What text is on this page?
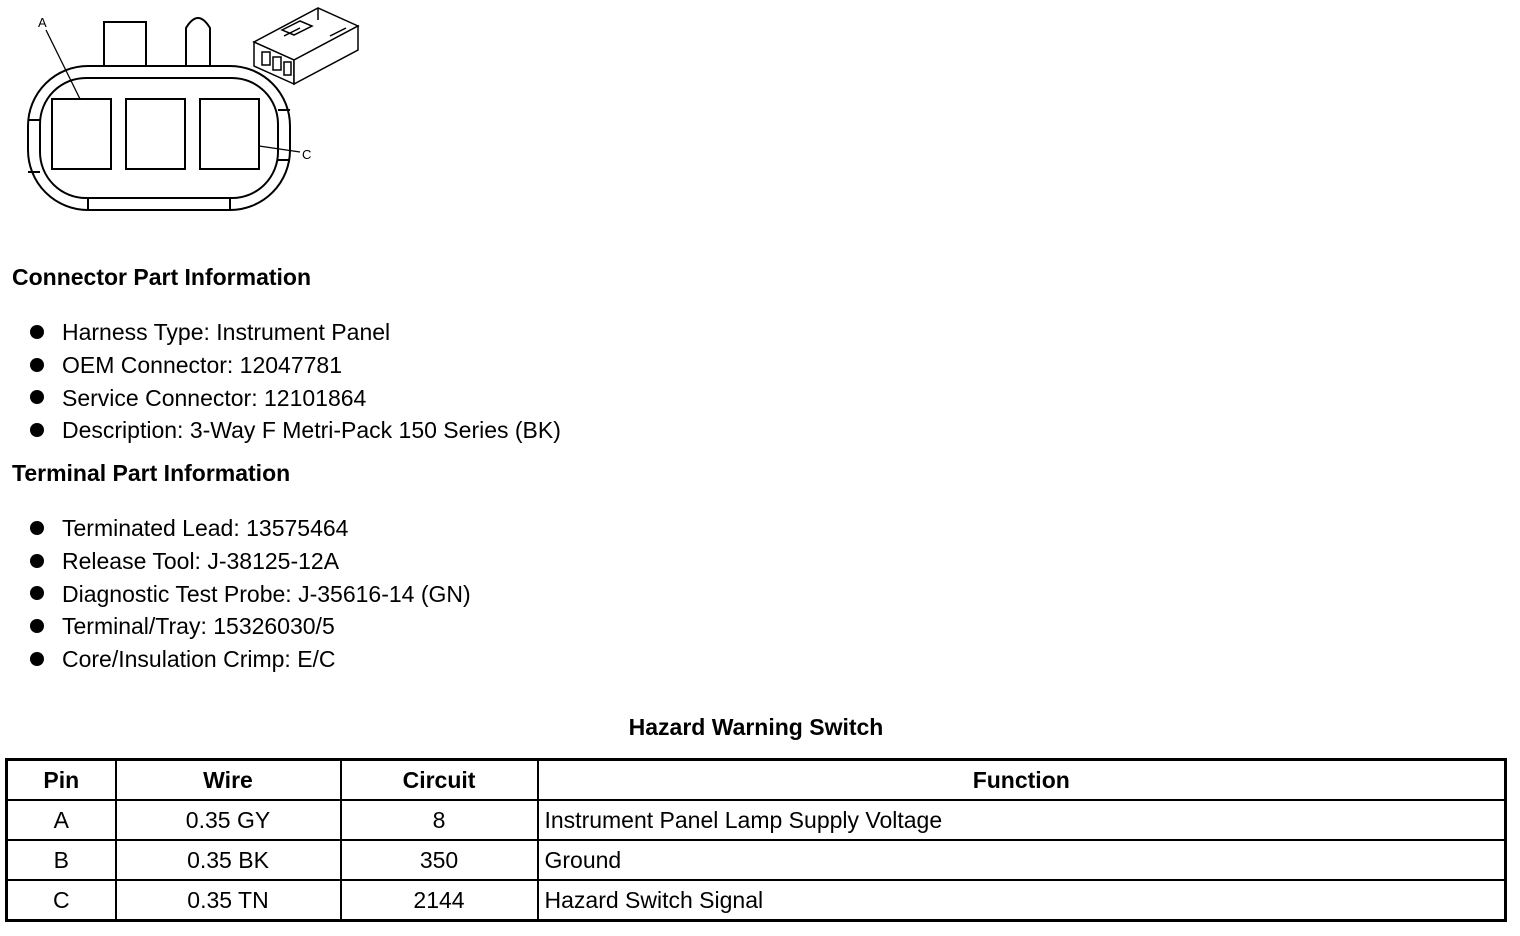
A
C
Connector Part Information
Harness Type: Instrument Panel
OEM Connector: 12047781
Service Connector: 12101864
Description: 3-Way F Metri-Pack 150 Series (BK)
Terminal Part Information
Terminated Lead: 13575464
Release Tool: J-38125-12A
Diagnostic Test Probe: J-35616-14 (GN)
Terminal/Tray: 15326030/5
Core/Insulation Crimp: E/C
Hazard Warning Switch
Pin	Wire	Circuit	Function
A	0.35 GY	8	Instrument Panel Lamp Supply Voltage
B	0.35 BK	350	Ground
C	0.35 TN	2144	Hazard Switch Signal
